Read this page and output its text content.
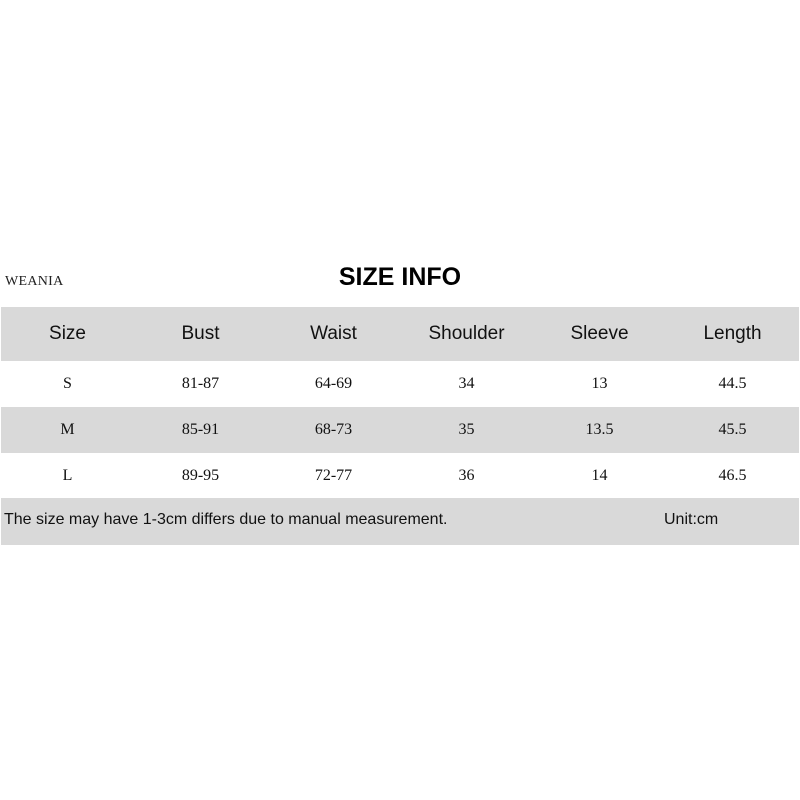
WEANIA	SIZE INFO
Size	Bust	Waist	Shoulder	Sleeve	Length
S	81-87	64-69	34	13	44.5
M	85-91	68-73	35	13.5	45.5
L	89-95	72-77	36	14	46.5
The size may have 1-3cm differs due to manual measurement.	Unit:cm
